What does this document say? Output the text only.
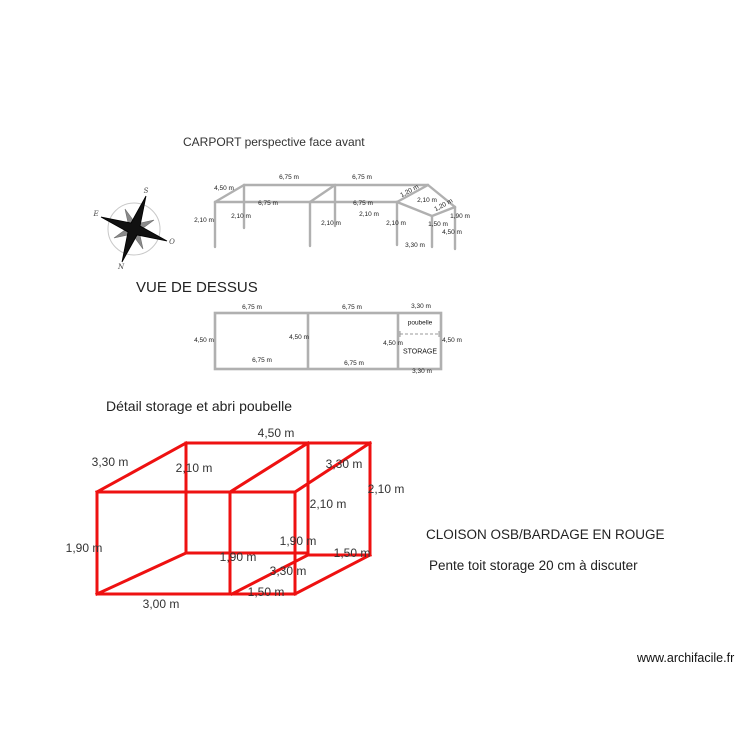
S
E
O
N
CARPORT perspective face avant
VUE DE DESSUS
Détail storage et abri poubelle
CLOISON OSB/BARDAGE EN ROUGE
Pente toit storage 20 cm à discuter
www.archifacile.fr
4,50 m
6,75 m	6,75 m
6,75 m	6,75 m
2,10 m
2,10 m
2,10 m
2,10 m
2,10 m
2,10 m
1,20 m
1,20 m
1,50 m
1,90 m
4,50 m
3,30 m
6,75 m	6,75 m	3,30 m
4,50 m	4,50 m
4,50 m	4,50 m
6,75 m	6,75 m
3,30 m
poubelle
STORAGE
4,50 m
3,30 m	2,10 m	3,30 m
2,10 m
2,10 m
1,90 m
1,90 m
1,90 m
1,50 m
3,30 m
1,50 m
3,00 m
